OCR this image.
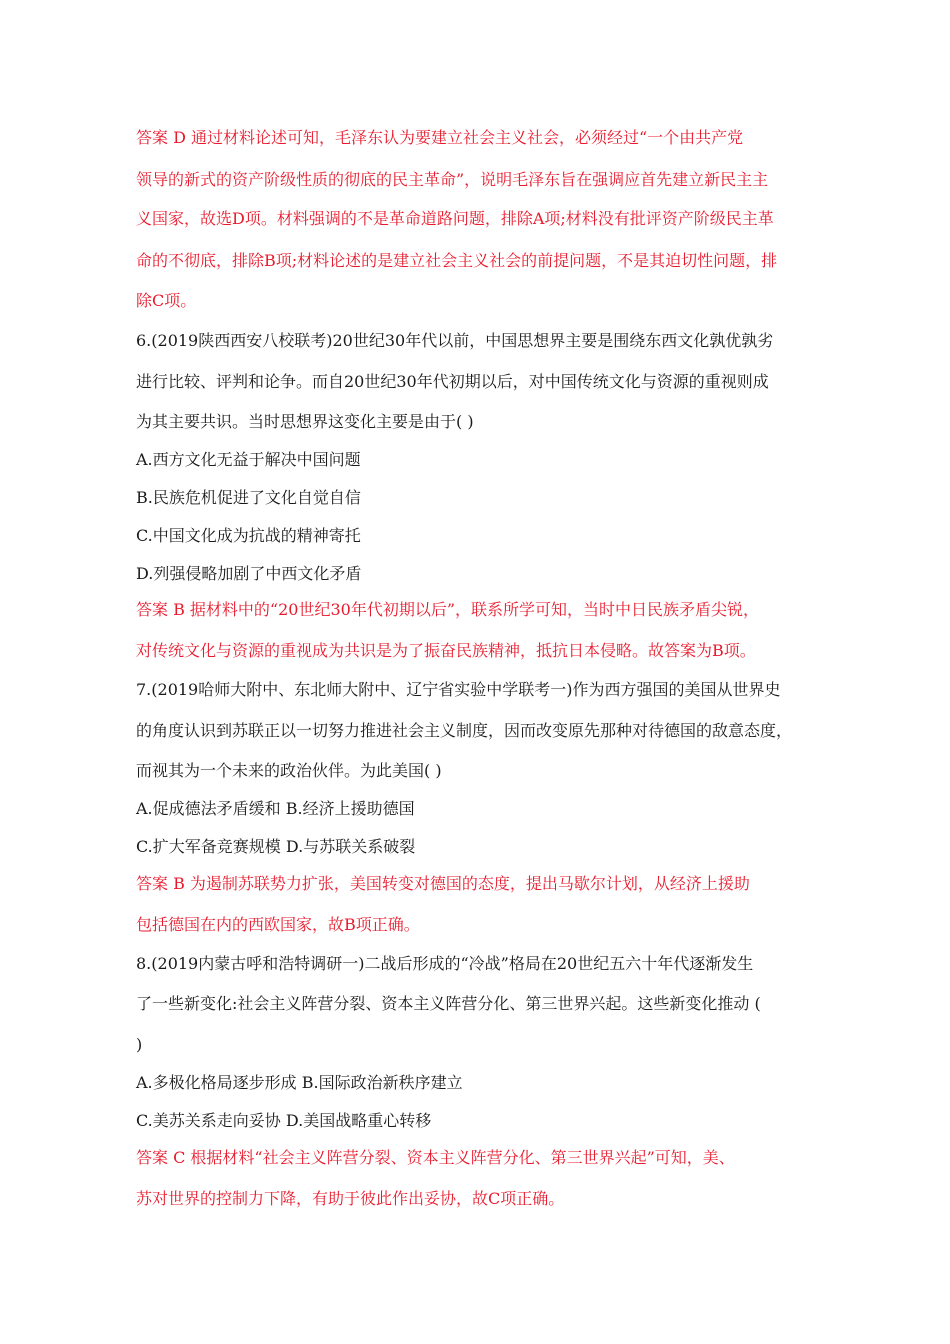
答案 D 通过材料论述可知，毛泽东认为要建立社会主义社会，必须经过“一个由共产党
领导的新式的资产阶级性质的彻底的民主革命”，说明毛泽东旨在强调应首先建立新民主主
义国家，故选D项。材料强调的不是革命道路问题，排除A项;材料没有批评资产阶级民主革
命的不彻底，排除B项;材料论述的是建立社会主义社会的前提问题，不是其迫切性问题，排
除C项。
6.(2019陕西西安八校联考)20世纪30年代以前，中国思想界主要是围绕东西文化孰优孰劣
进行比较、评判和论争。而自20世纪30年代初期以后，对中国传统文化与资源的重视则成
为其主要共识。当时思想界这变化主要是由于( )
A.西方文化无益于解决中国问题
B.民族危机促进了文化自觉自信
C.中国文化成为抗战的精神寄托
D.列强侵略加剧了中西文化矛盾
答案 B 据材料中的“20世纪30年代初期以后”，联系所学可知，当时中日民族矛盾尖锐，
对传统文化与资源的重视成为共识是为了振奋民族精神，抵抗日本侵略。故答案为B项。
7.(2019哈师大附中、东北师大附中、辽宁省实验中学联考一)作为西方强国的美国从世界史
的角度认识到苏联正以一切努力推进社会主义制度，因而改变原先那种对待德国的敌意态度，
而视其为一个未来的政治伙伴。为此美国( )
A.促成德法矛盾缓和 B.经济上援助德国
C.扩大军备竞赛规模 D.与苏联关系破裂
答案 B 为遏制苏联势力扩张，美国转变对德国的态度，提出马歇尔计划，从经济上援助
包括德国在内的西欧国家，故B项正确。
8.(2019内蒙古呼和浩特调研一)二战后形成的“冷战”格局在20世纪五六十年代逐渐发生
了一些新变化:社会主义阵营分裂、资本主义阵营分化、第三世界兴起。这些新变化推动 (
)
A.多极化格局逐步形成 B.国际政治新秩序建立
C.美苏关系走向妥协 D.美国战略重心转移
答案 C 根据材料“社会主义阵营分裂、资本主义阵营分化、第三世界兴起”可知，美、
苏对世界的控制力下降，有助于彼此作出妥协，故C项正确。
